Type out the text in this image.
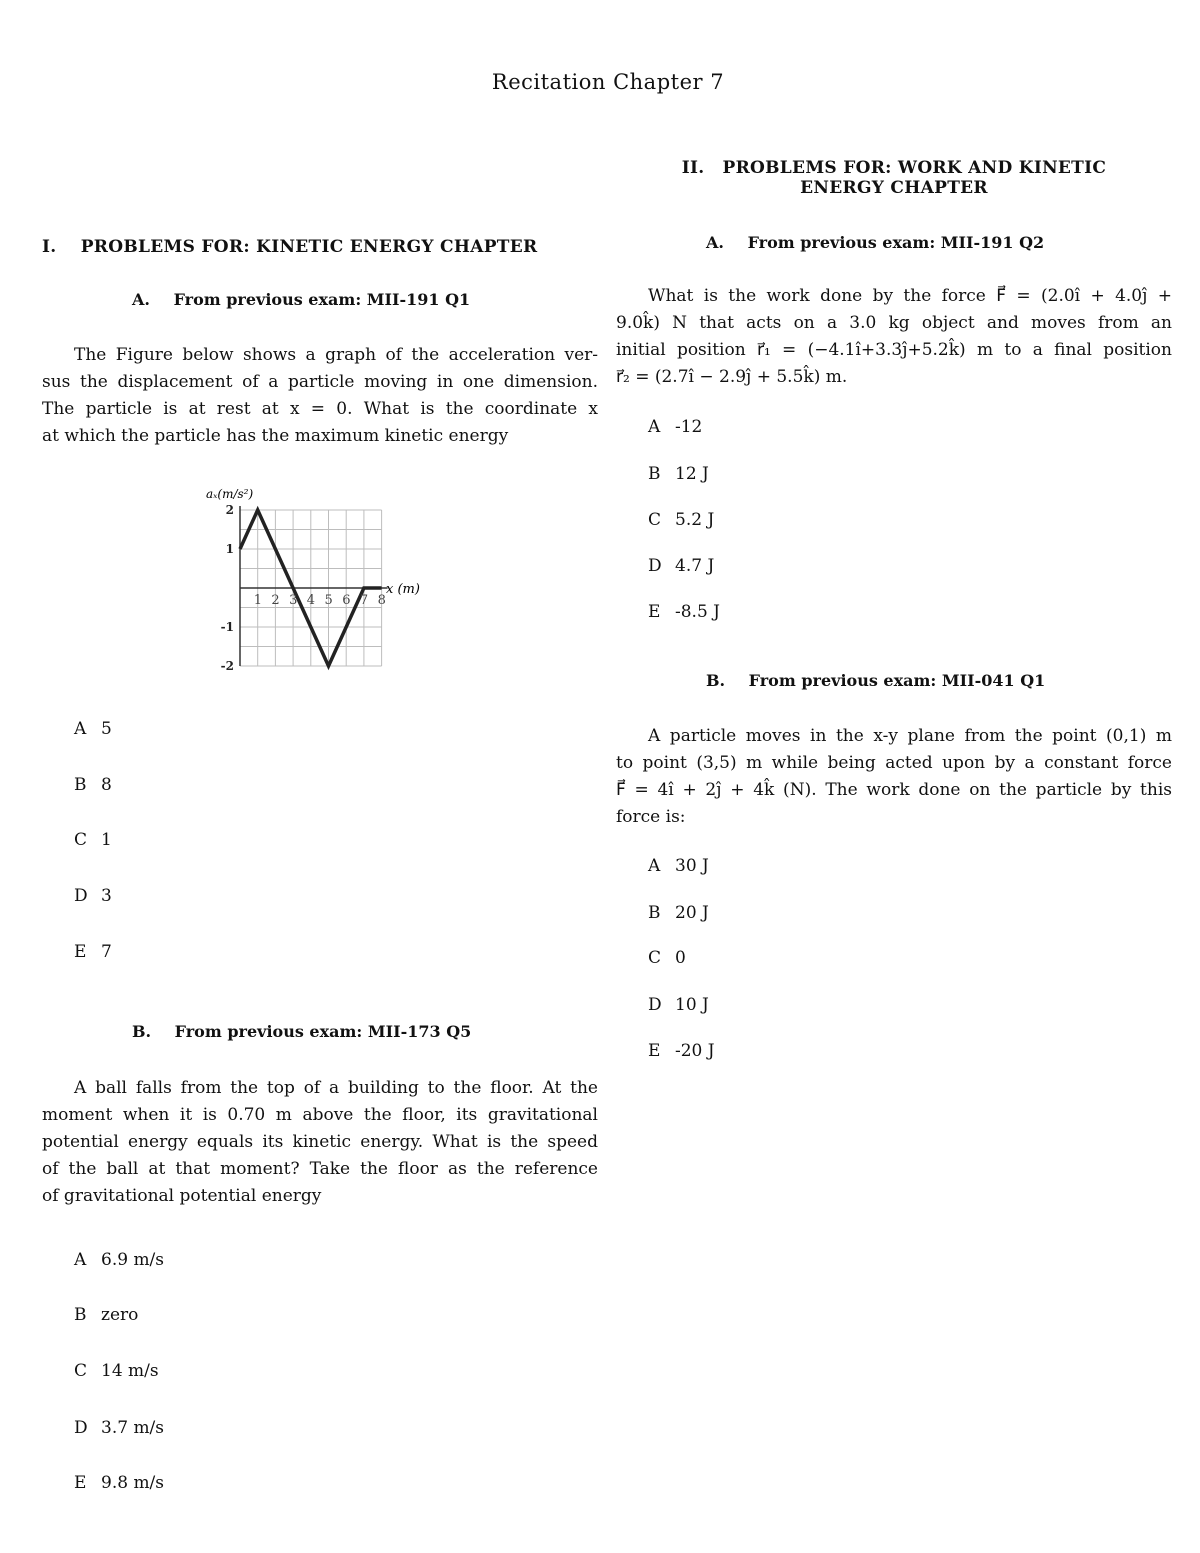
Recitation Chapter 7
I. PROBLEMS FOR: KINETIC ENERGY CHAPTER
A. From previous exam: MII-191 Q1
The Figure below shows a graph of the acceleration ver-
sus the displacement of a particle moving in one dimension.
The particle is at rest at x = 0. What is the coordinate x
at which the particle has the maximum kinetic energy
1 2 3 4 5 6 7 8
2
1
-1
-2
aₓ(m/s²)
x (m)
A 5
B 8
C 1
D 3
E 7
B. From previous exam: MII-173 Q5
A ball falls from the top of a building to the floor. At the
moment when it is 0.70 m above the floor, its gravitational
potential energy equals its kinetic energy. What is the speed
of the ball at that moment? Take the floor as the reference
of gravitational potential energy
A 6.9 m/s
B zero
C 14 m/s
D 3.7 m/s
E 9.8 m/s
II. PROBLEMS FOR: WORK AND KINETIC
ENERGY CHAPTER
A. From previous exam: MII-191 Q2
What is the work done by the force F⃗ = (2.0î + 4.0ĵ +
9.0k̂) N that acts on a 3.0 kg object and moves from an
initial position r⃗₁ = (−4.1î+3.3ĵ+5.2k̂) m to a final position
r⃗₂ = (2.7î − 2.9ĵ + 5.5k̂) m.
A -12
B 12 J
C 5.2 J
D 4.7 J
E -8.5 J
B. From previous exam: MII-041 Q1
A particle moves in the x-y plane from the point (0,1) m
to point (3,5) m while being acted upon by a constant force
F⃗ = 4î + 2ĵ + 4k̂ (N). The work done on the particle by this
force is:
A 30 J
B 20 J
C 0
D 10 J
E -20 J
